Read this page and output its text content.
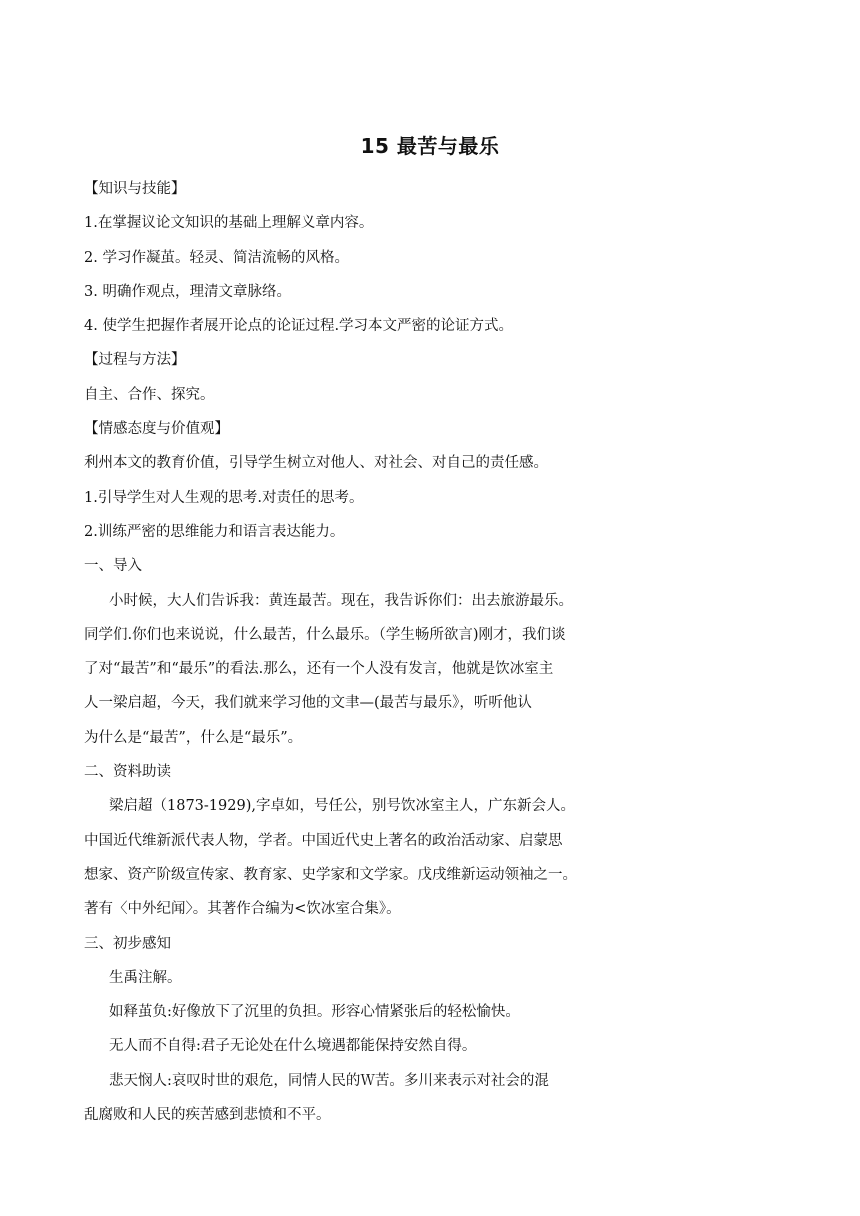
15 最苦与最乐
【知识与技能】
1.在掌握议论文知识的基础上理解义章内容。
2. 学习作凝茧。轻灵、简洁流畅的风格。
3. 明确作观点，理清文章脉络。
4. 使学生把握作者展开论点的论证过程.学习本文严密的论证方式。
【过程与方法】
自主、合作、探究。
【情感态度与价值观】
利州本文的教育价值，引导学生树立对他人、对社会、对自己的责任感。
1.引导学生对人生观的思考.对责任的思考。
2.训练严密的思维能力和语言表达能力。
一、导入
小时候，大人们告诉我：黄连最苦。现在，我告诉你们：出去旅游最乐。
同学们.你们也来说说，什么最苦，什么最乐。（学生畅所欲言)刚才，我们谈
了对“最苦”和“最乐”的看法.那么，还有一个人没有发言，他就是饮冰室主
人一梁启超，今天，我们就来学习他的文聿—(最苦与最乐》，听听他认
为什么是“最苦”，什么是“最乐”。
二、资料助读
梁启超（1873-1929),字卓如，号任公，别号饮冰室主人，广东新会人。
中国近代维新派代表人物，学者。中国近代史上著名的政治活动家、启蒙思
想家、资产阶级宣传家、教育家、史学家和文学家。戊戌维新运动领袖之一。
著有〈中外纪闻〉。其著作合编为<饮冰室合集》。
三、初步感知
生禹注解。
如释茧负:好像放下了沉里的负担。形容心情紧张后的轻松愉快。
无人而不自得:君子无论处在什么境遇都能保持安然自得。
悲天悯人:哀叹时世的艰危，同情人民的Ｗ苦。多川来表示对社会的混
乱腐败和人民的疾苦感到悲愤和不平。
